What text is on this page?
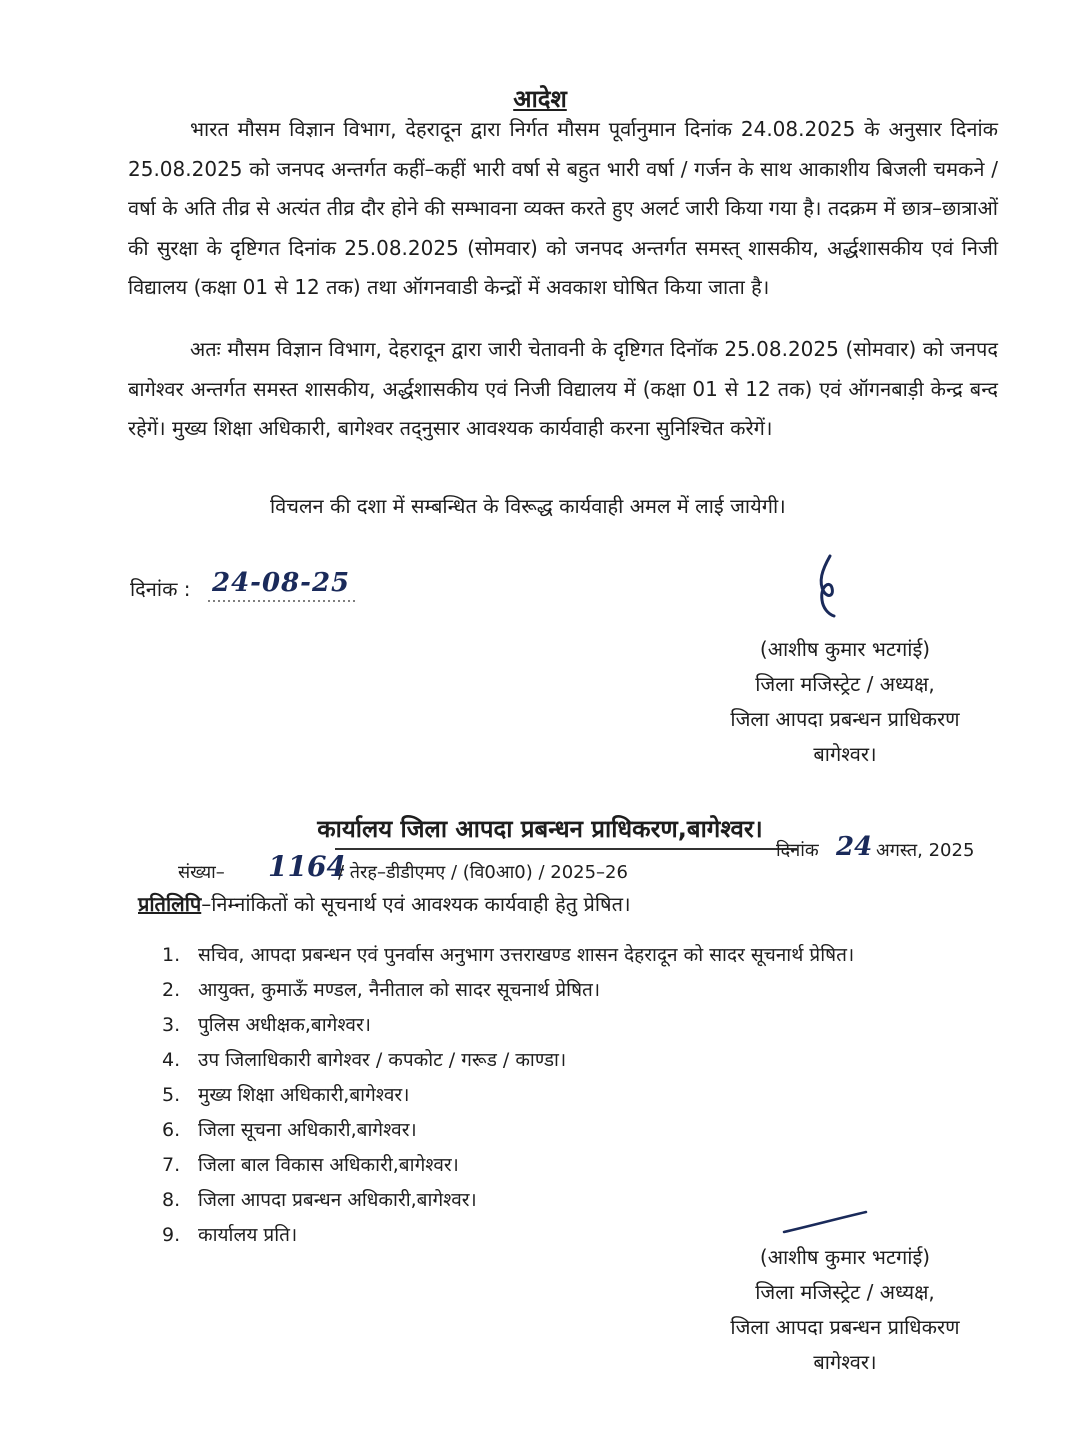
आदेश
भारत मौसम विज्ञान विभाग, देहरादून द्वारा निर्गत मौसम पूर्वानुमान दिनांक 24.08.2025 के अनुसार दिनांक 25.08.2025 को जनपद अन्तर्गत कहीं–कहीं भारी वर्षा से बहुत भारी वर्षा / गर्जन के साथ आकाशीय बिजली चमकने / वर्षा के अति तीव्र से अत्यंत तीव्र दौर होने की सम्भावना व्यक्त करते हुए अलर्ट जारी किया गया है। तदक्रम में छात्र–छात्राओं की सुरक्षा के दृष्टिगत दिनांक 25.08.2025 (सोमवार) को जनपद अन्तर्गत समस्त् शासकीय, अर्द्धशासकीय एवं निजी विद्यालय (कक्षा 01 से 12 तक) तथा ऑगनवाडी केन्द्रों में अवकाश घोषित किया जाता है।
अतः मौसम विज्ञान विभाग, देहरादून द्वारा जारी चेतावनी के दृष्टिगत दिनॉक 25.08.2025 (सोमवार) को जनपद बागेश्वर अन्तर्गत समस्त शासकीय, अर्द्धशासकीय एवं निजी विद्यालय में (कक्षा 01 से 12 तक) एवं ऑगनबाड़ी केन्द्र बन्द रहेगें। मुख्य शिक्षा अधिकारी, बागेश्वर तद्नुसार आवश्यक कार्यवाही करना सुनिश्चित करेगें।
विचलन की दशा में सम्बन्धित के विरूद्ध कार्यवाही अमल में लाई जायेगी।
दिनांक : 24-08-25
(आशीष कुमार भटगांई)
जिला मजिस्ट्रेट / अध्यक्ष,
जिला आपदा प्रबन्धन प्राधिकरण
बागेश्वर।
कार्यालय जिला आपदा प्रबन्धन प्राधिकरण,बागेश्वर।
संख्या– 1164
/ तेरह–डीडीएमए / (वि0आ0) / 2025–26
दिनांक 24 अगस्त, 2025
प्रतिलिपि–निम्नांकितों को सूचनार्थ एवं आवश्यक कार्यवाही हेतु प्रेषित।
1. सचिव, आपदा प्रबन्धन एवं पुनर्वास अनुभाग उत्तराखण्ड शासन देहरादून को सादर सूचनार्थ प्रेषित।
2. आयुक्त, कुमाऊँ मण्डल, नैनीताल को सादर सूचनार्थ प्रेषित।
3. पुलिस अधीक्षक,बागेश्वर।
4. उप जिलाधिकारी बागेश्वर / कपकोट / गरूड / काण्डा।
5. मुख्य शिक्षा अधिकारी,बागेश्वर।
6. जिला सूचना अधिकारी,बागेश्वर।
7. जिला बाल विकास अधिकारी,बागेश्वर।
8. जिला आपदा प्रबन्धन अधिकारी,बागेश्वर।
9. कार्यालय प्रति।
(आशीष कुमार भटगांई)
जिला मजिस्ट्रेट / अध्यक्ष,
जिला आपदा प्रबन्धन प्राधिकरण
बागेश्वर।
